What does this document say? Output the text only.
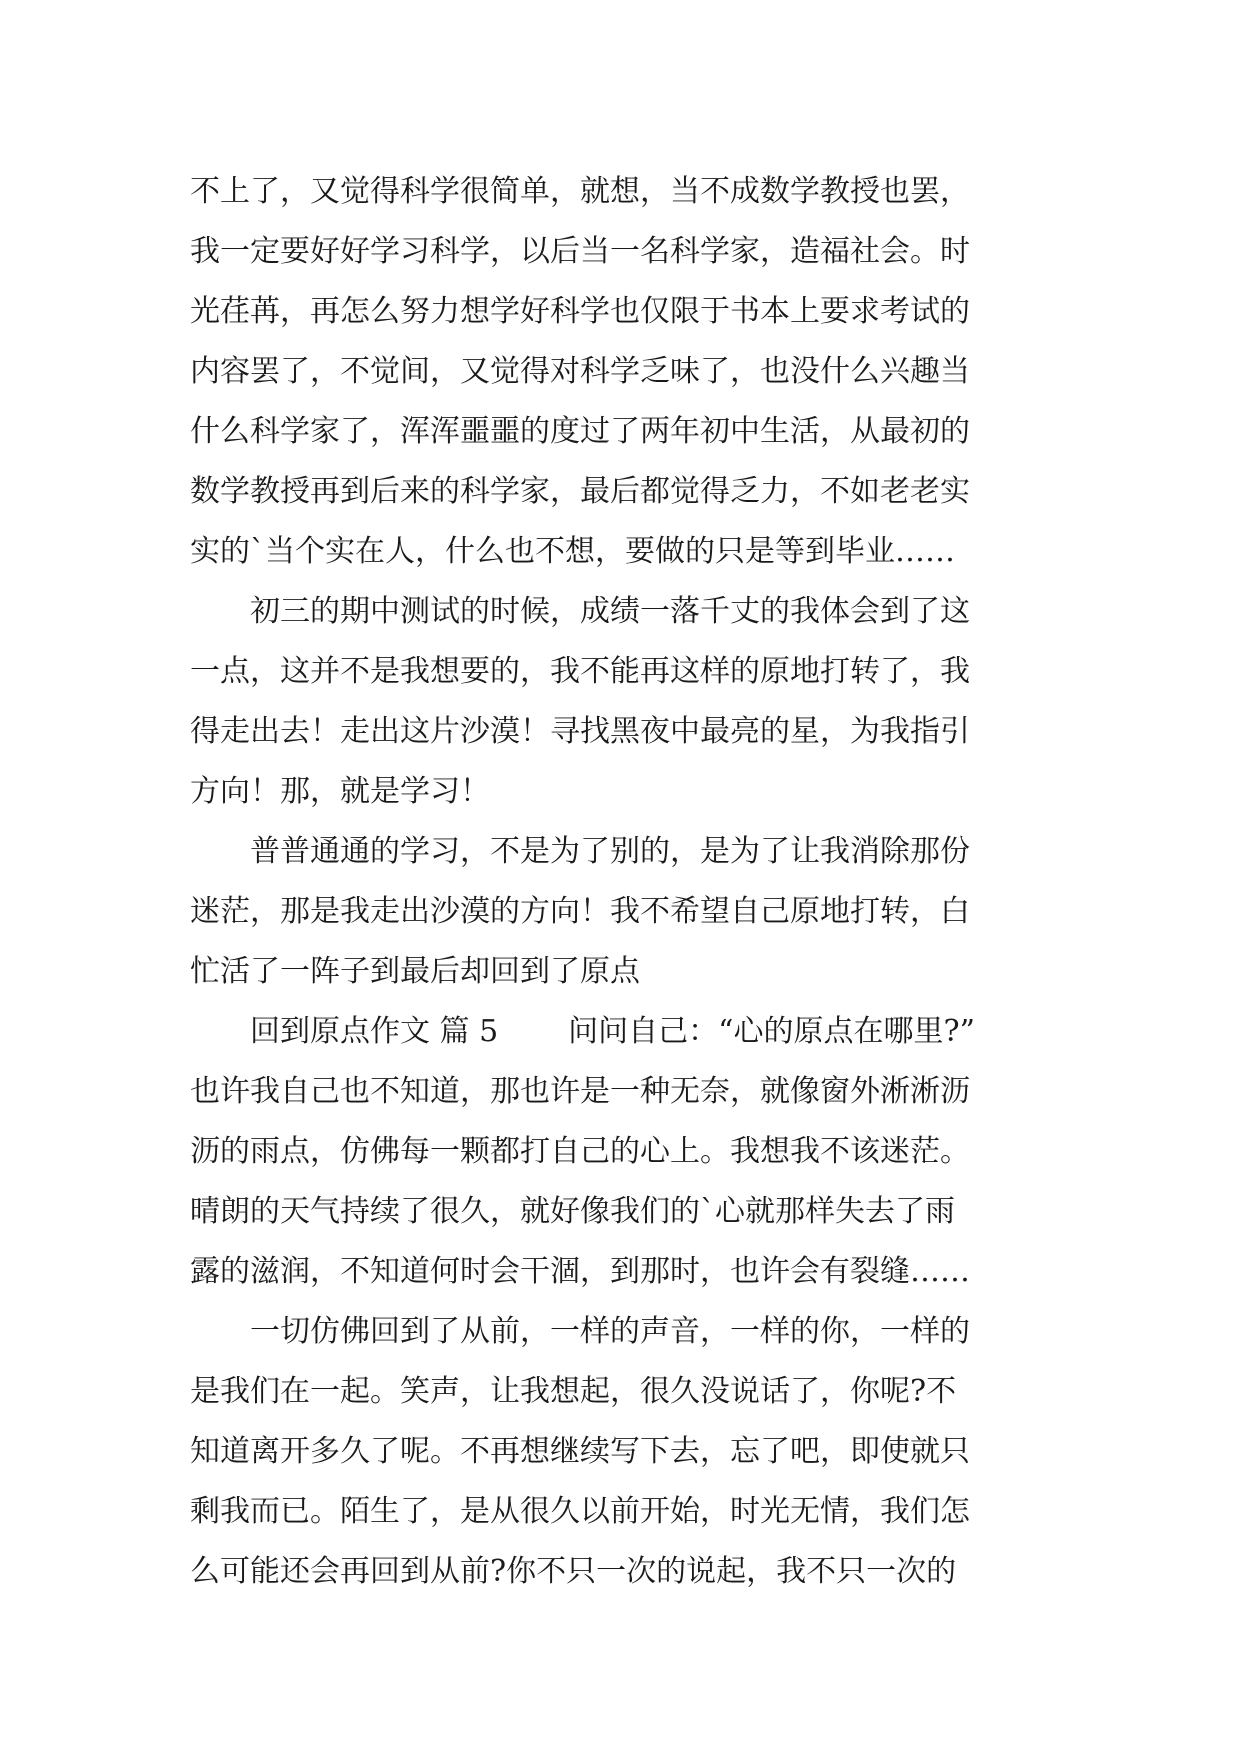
不上了，又觉得科学很简单，就想，当不成数学教授也罢，
我一定要好好学习科学，以后当一名科学家，造福社会。时
光荏苒，再怎么努力想学好科学也仅限于书本上要求考试的
内容罢了，不觉间，又觉得对科学乏味了，也没什么兴趣当
什么科学家了，浑浑噩噩的度过了两年初中生活，从最初的
数学教授再到后来的科学家，最后都觉得乏力，不如老老实
实的`当个实在人，什么也不想，要做的只是等到毕业……
初三的期中测试的时候，成绩一落千丈的我体会到了这
一点，这并不是我想要的，我不能再这样的原地打转了，我
得走出去！走出这片沙漠！寻找黑夜中最亮的星，为我指引
方向！那，就是学习！
普普通通的学习，不是为了别的，是为了让我消除那份
迷茫，那是我走出沙漠的方向！我不希望自己原地打转，白
忙活了一阵子到最后却回到了原点
回到原点作文 篇 5 问问自己：“心的原点在哪里?”
也许我自己也不知道，那也许是一种无奈，就像窗外淅淅沥
沥的雨点，仿佛每一颗都打自己的心上。我想我不该迷茫。
晴朗的天气持续了很久，就好像我们的`心就那样失去了雨
露的滋润，不知道何时会干涸，到那时，也许会有裂缝……
一切仿佛回到了从前，一样的声音，一样的你，一样的
是我们在一起。笑声，让我想起，很久没说话了，你呢?不
知道离开多久了呢。不再想继续写下去，忘了吧，即使就只
剩我而已。陌生了，是从很久以前开始，时光无情，我们怎
么可能还会再回到从前?你不只一次的说起，我不只一次的
